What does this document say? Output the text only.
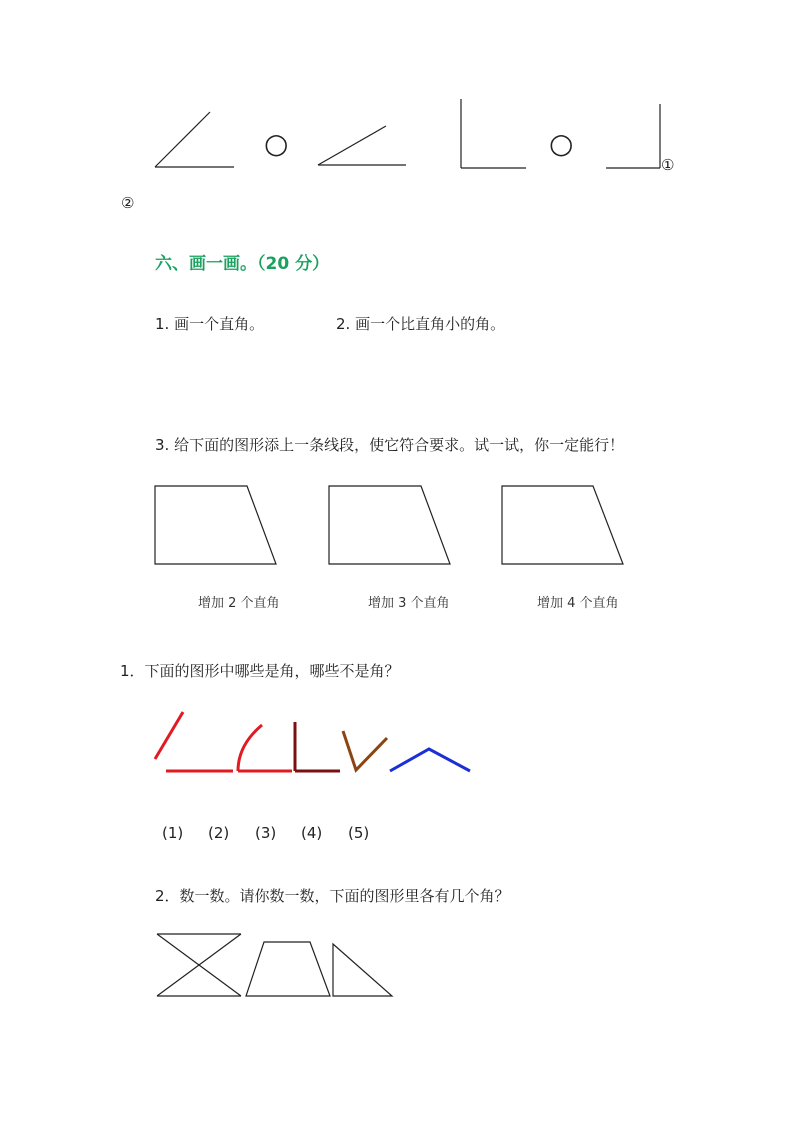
○	○
①
②
六、画一画。（20 分）
1. 画一个直角。	2. 画一个比直角小的角。
3. 给下面的图形添上一条线段，使它符合要求。试一试，你一定能行！
增加 2 个直角	增加 3 个直角	增加 4 个直角
1．下面的图形中哪些是角，哪些不是角？
(1) (2) (3) (4) (5)
2．数一数。请你数一数，下面的图形里各有几个角？
